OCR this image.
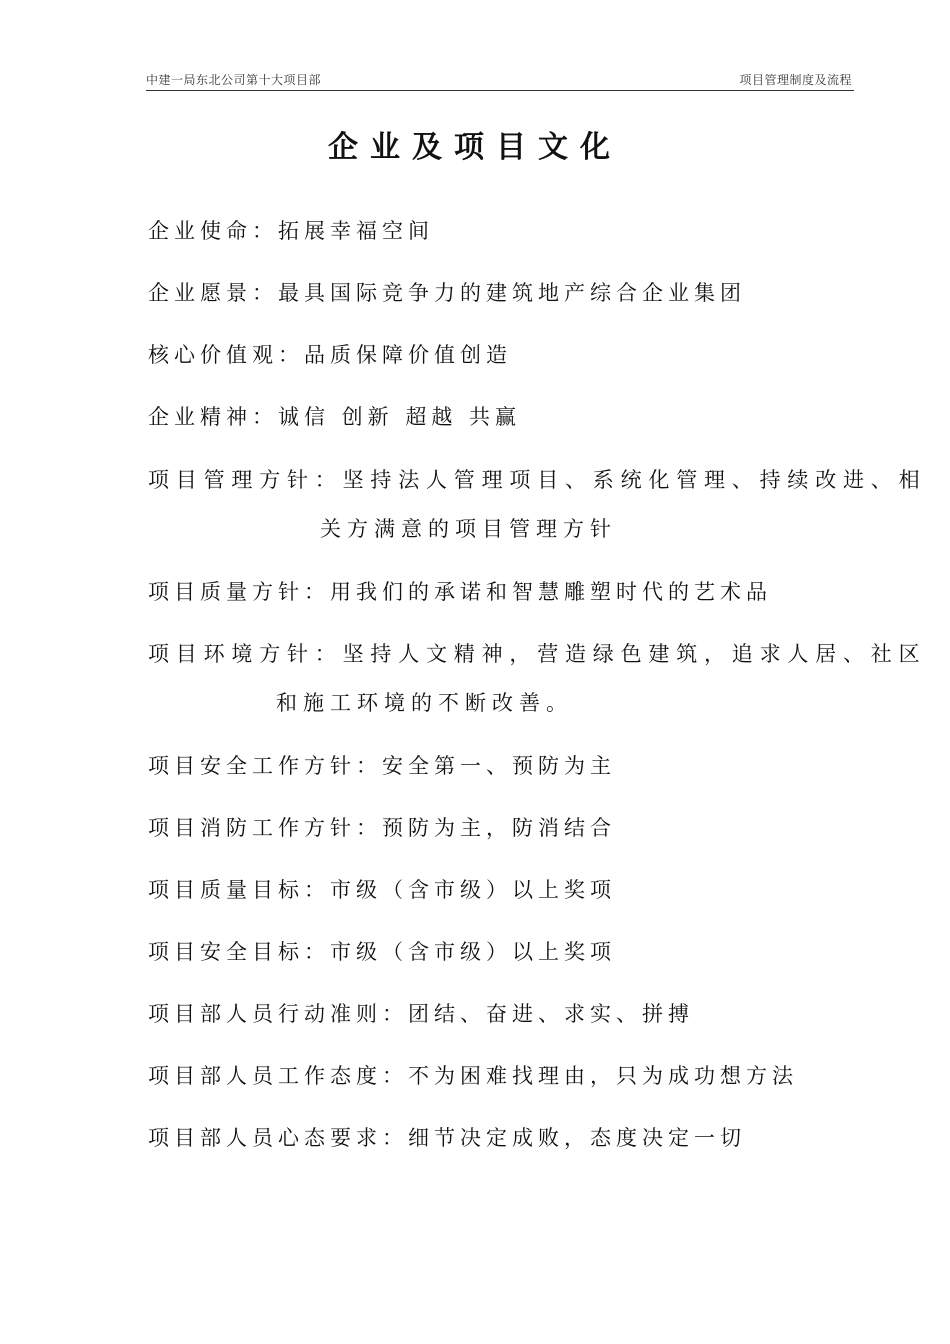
中建一局东北公司第十大项目部	项目管理制度及流程
企业及项目文化
企业使命：拓展幸福空间
企业愿景：最具国际竞争力的建筑地产综合企业集团
核心价值观：品质保障价值创造
企业精神：诚信 创新 超越 共赢
项目管理方针：坚持法人管理项目、系统化管理、持续改进、相
关方满意的项目管理方针
项目质量方针：用我们的承诺和智慧雕塑时代的艺术品
项目环境方针：坚持人文精神，营造绿色建筑，追求人居、社区
和施工环境的不断改善。
项目安全工作方针：安全第一、预防为主
项目消防工作方针：预防为主，防消结合
项目质量目标：市级（含市级）以上奖项
项目安全目标：市级（含市级）以上奖项
项目部人员行动准则：团结、奋进、求实、拼搏
项目部人员工作态度：不为困难找理由，只为成功想方法
项目部人员心态要求：细节决定成败，态度决定一切
